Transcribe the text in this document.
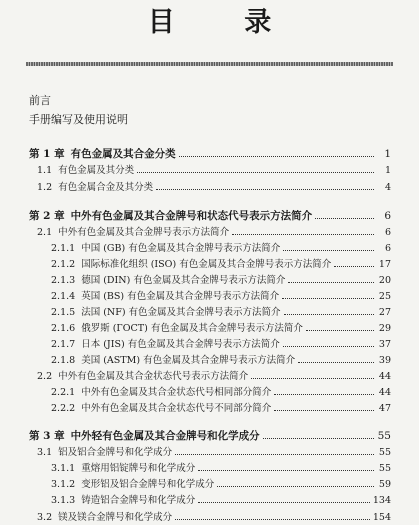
目 录
前言
手册编写及使用说明
第 1 章 有色金属及其合金分类	1
1.1 有色金属及其分类	1
1.2 有色金属合金及其分类	4
第 2 章 中外有色金属及其合金牌号和状态代号表示方法简介	6
2.1 中外有色金属及其合金牌号表示方法简介	6
2.1.1 中国 (GB) 有色金属及其合金牌号表示方法简介	6
2.1.2 国际标准化组织 (ISO) 有色金属及其合金牌号表示方法简介	17
2.1.3 德国 (DIN) 有色金属及其合金牌号表示方法简介	20
2.1.4 英国 (BS) 有色金属及其合金牌号表示方法简介	25
2.1.5 法国 (NF) 有色金属及其合金牌号表示方法简介	27
2.1.6 俄罗斯 (ГОСТ) 有色金属及其合金牌号表示方法简介	29
2.1.7 日本 (JIS) 有色金属及其合金牌号表示方法简介	37
2.1.8 美国 (ASTM) 有色金属及其合金牌号表示方法简介	39
2.2 中外有色金属及其合金状态代号表示方法简介	44
2.2.1 中外有色金属及其合金状态代号相同部分简介	44
2.2.2 中外有色金属及其合金状态代号不同部分简介	47
第 3 章 中外轻有色金属及其合金牌号和化学成分	55
3.1 铝及铝合金牌号和化学成分	55
3.1.1 重熔用铝锭牌号和化学成分	55
3.1.2 变形铝及铝合金牌号和化学成分	59
3.1.3 铸造铝合金牌号和化学成分	134
3.2 镁及镁合金牌号和化学成分	154
